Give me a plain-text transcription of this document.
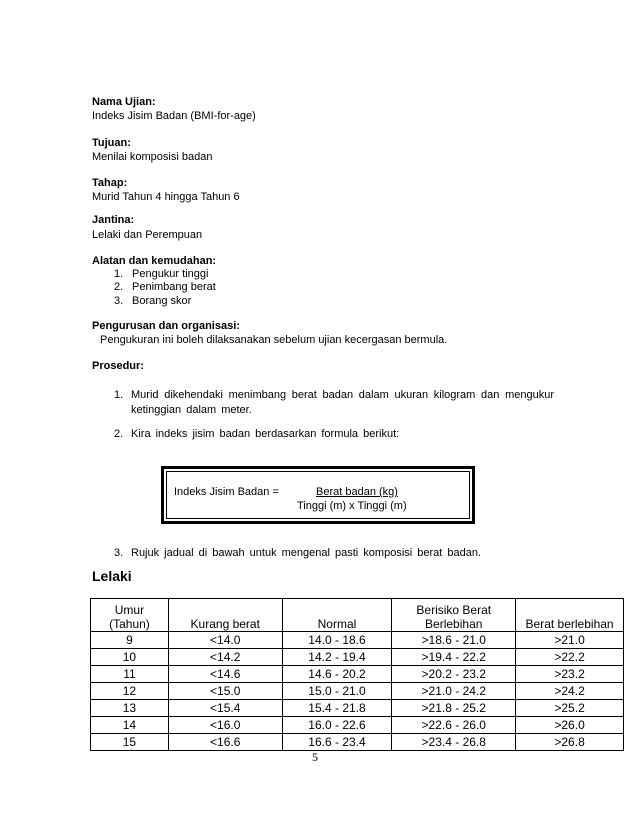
Nama Ujian:
Indeks Jisim Badan (BMI-for-age)
Tujuan:
Menilai komposisi badan
Tahap:
Murid Tahun 4 hingga Tahun 6
Jantina:
Lelaki dan Perempuan
Alatan dan kemudahan:
1. Pengukur tinggi
2. Penimbang berat
3. Borang skor
Pengurusan dan organisasi:
Pengukuran ini boleh dilaksanakan sebelum ujian kecergasan bermula.
Prosedur:
1. Murid dikehendaki menimbang berat badan dalam ukuran kilogram dan mengukur ketinggian dalam meter.
2. Kira indeks jisim badan berdasarkan formula berikut:
Indeks Jisim Badan =	Berat badan (kg)
Tinggi (m) x Tinggi (m)
3. Rujuk jadual di bawah untuk mengenal pasti komposisi berat badan.
Lelaki
Umur (Tahun)	Kurang berat	Normal	Berisiko Berat Berlebihan	Berat berlebihan
9	<14.0	14.0 - 18.6	>18.6 - 21.0	>21.0
10	<14.2	14.2 - 19.4	>19.4 - 22.2	>22.2
11	<14.6	14.6 - 20.2	>20.2 - 23.2	>23.2
12	<15.0	15.0 - 21.0	>21.0 - 24.2	>24.2
13	<15.4	15.4 - 21.8	>21.8 - 25.2	>25.2
14	<16.0	16.0 - 22.6	>22.6 - 26.0	>26.0
15	<16.6	16.6 - 23.4	>23.4 - 26.8	>26.8
5
